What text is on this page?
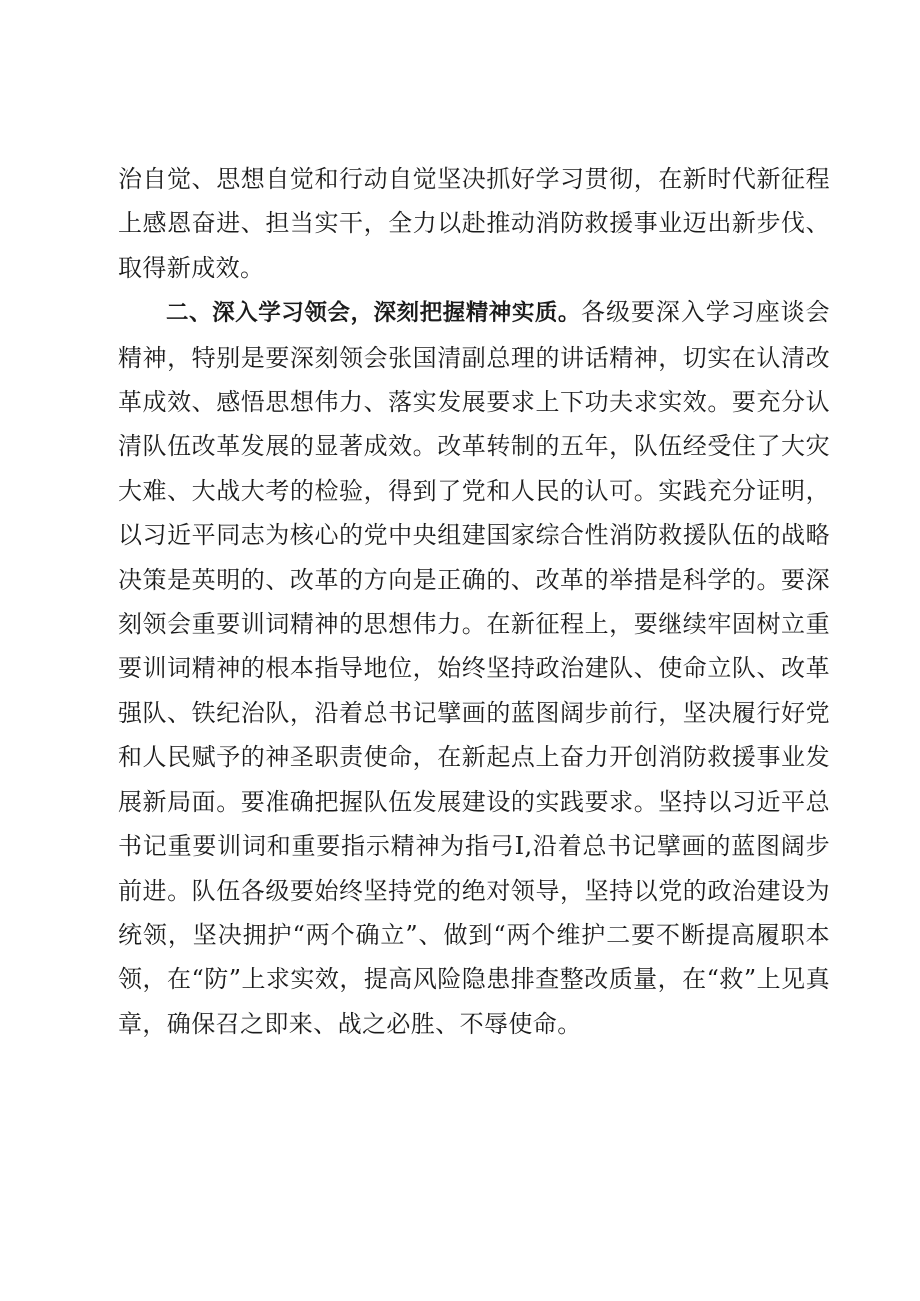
治自觉、思想自觉和行动自觉坚决抓好学习贯彻，在新时代新征程上感恩奋进、担当实干，全力以赴推动消防救援事业迈出新步伐、取得新成效。

二、深入学习领会，深刻把握精神实质。各级要深入学习座谈会精神，特别是要深刻领会张国清副总理的讲话精神，切实在认清改革成效、感悟思想伟力、落实发展要求上下功夫求实效。要充分认清队伍改革发展的显著成效。改革转制的五年，队伍经受住了大灾大难、大战大考的检验，得到了党和人民的认可。实践充分证明，以习近平同志为核心的党中央组建国家综合性消防救援队伍的战略决策是英明的、改革的方向是正确的、改革的举措是科学的。要深刻领会重要训词精神的思想伟力。在新征程上，要继续牢固树立重要训词精神的根本指导地位，始终坚持政治建队、使命立队、改革强队、铁纪治队，沿着总书记擘画的蓝图阔步前行，坚决履行好党和人民赋予的神圣职责使命，在新起点上奋力开创消防救援事业发展新局面。要准确把握队伍发展建设的实践要求。坚持以习近平总书记重要训词和重要指示精神为指弓I,沿着总书记擘画的蓝图阔步前进。队伍各级要始终坚持党的绝对领导，坚持以党的政治建设为统领，坚决拥护“两个确立”、做到“两个维护二要不断提高履职本领，在“防”上求实效，提高风险隐患排查整改质量，在“救”上见真章，确保召之即来、战之必胜、不辱使命。
